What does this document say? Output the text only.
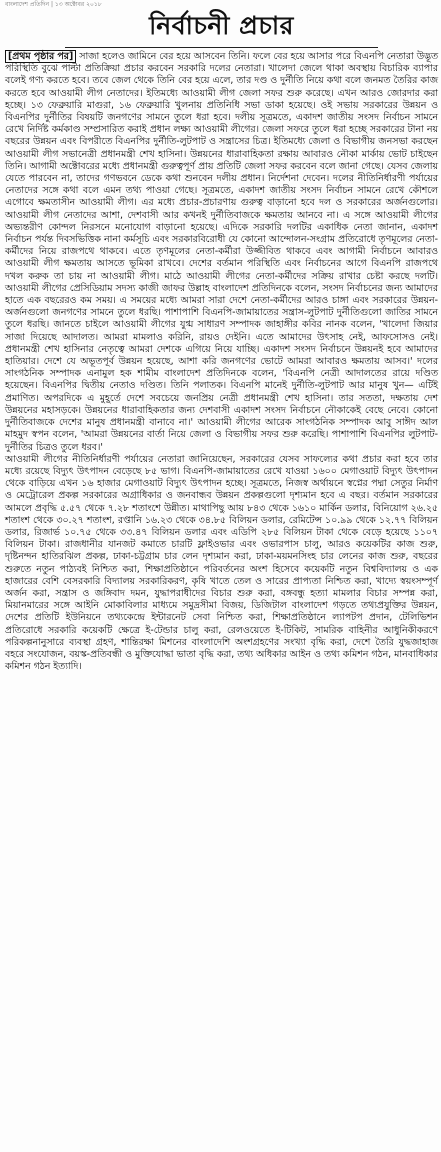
বাংলাদেশ প্রতিদিন | ১৩ অক্টোবর ২০১৮
নির্বাচনী প্রচার

[প্রথম পৃষ্ঠার পর] সাজা হলেও জামিনে বের হয়ে আসবেন তিনি। ফলে বের হয়ে আসার পরে বিএনপি নেতারা উদ্ভূত পরিস্থিতি বুঝে পাল্টা প্রতিক্রিয়া প্রচার করবেন সরকারি দলের নেতারা। খালেদা জেলে থাকা অবস্থায় বিচারিক ব্যাপার বলেই গণ্য করতে হবে। তবে জেল থেকে তিনি বের হয়ে এলে, তার দণ্ড ও দুর্নীতি নিয়ে কথা বলে জনমত তৈরির কাজ করতে হবে আওয়ামী লীগ নেতাদের। ইতিমধ্যে আওয়ামী লীগ জেলা সফর শুরু করেছে। এখন আরও জোরদার করা হচ্ছে। ১৩ ফেব্রুয়ারি মাগুরা, ১৬ ফেব্রুয়ারি খুলনায় প্রতিনিধি সভা ডাকা হয়েছে। ওই সভায় সরকারের উন্নয়ন ও বিএনপির দুর্নীতির বিষয়টি জনগণের সামনে তুলে ধরা হবে। দলীয় সূত্রমতে, একাদশ জাতীয় সংসদ নির্বাচন সামনে রেখে নির্দিষ্ট কর্মকাণ্ড সম্প্রসারিত করাই প্রধান লক্ষ্য আওয়ামী লীগের। জেলা সফরে তুলে ধরা হচ্ছে সরকারের টানা নয় বছরের উন্নয়ন এবং বিপরীতে বিএনপির দুর্নীতি-লুটপাট ও সন্ত্রাসের চিত্র। ইতিমধ্যে জেলা ও বিভাগীয় জনসভা করছেন আওয়ামী লীগ সভানেত্রী প্রধানমন্ত্রী শেখ হাসিনা। উন্নয়নের ধারাবাহিকতা রক্ষায় আবারও নৌকা মার্কায় ভোট চাইছেন তিনি। আগামী অক্টোবরের মধ্যে প্রধানমন্ত্রী গুরুত্বপূর্ণ প্রায় প্রতিটি জেলা সফর করবেন বলে জানা গেছে। যেসব জেলায় যেতে পারবেন না, তাদের গণভবনে ডেকে কথা শুনবেন দলীয় প্রধান। নির্দেশনা দেবেন। দলের নীতিনির্ধারণী পর্যায়ের নেতাদের সঙ্গে কথা বলে এমন তথ্য পাওয়া গেছে। সূত্রমতে, একাদশ জাতীয় সংসদ নির্বাচন সামনে রেখে কৌশলে এগোবে ক্ষমতাসীন আওয়ামী লীগ। এর মধ্যে প্রচার-প্রচারণায় গুরুত্ব বাড়ানো হবে দল ও সরকারের অর্জনগুলোর। আওয়ামী লীগ নেতাদের আশা, দেশবাসী আর কখনই দুর্নীতিবাজকে ক্ষমতায় আনবে না। এ সঙ্গে আওয়ামী লীগের অভ্যন্তরীণ কোন্দল নিরসনে মনোযোগ বাড়ানো হয়েছে। এদিকে সরকারি দলটির একাধিক নেতা জানান, একাদশ নির্বাচন পর্যন্ত দিবসভিত্তিক নানা কর্মসূচি এবং সরকারবিরোধী যে কোনো আন্দোলন-সংগ্রাম প্রতিরোধে তৃণমূলের নেতা-কর্মীদের নিয়ে রাজপথে থাকবে। এতে তৃণমূলের নেতা-কর্মীরা উজ্জীবিত থাকবে এবং আগামী নির্বাচনে আবারও আওয়ামী লীগ ক্ষমতায় আসতে ভূমিকা রাখবে। দেশের বর্তমান পরিস্থিতি এবং নির্বাচনের আগে বিএনপি রাজপথে দখল করুক তা চায় না আওয়ামী লীগ। মাঠে আওয়ামী লীগের নেতা-কর্মীদের সক্রিয় রাখার চেষ্টা করছে দলটি। আওয়ামী লীগের প্রেসিডিয়াম সদস্য কাজী জাফর উল্লাহ বাংলাদেশ প্রতিদিনকে বলেন, সংসদ নির্বাচনের জন্য আমাদের হাতে এক বছরেরও কম সময়। এ সময়ের মধ্যে আমরা সারা দেশে নেতা-কর্মীদের আরও চাঙ্গা এবং সরকারের উন্নয়ন-অর্জনগুলো জনগণের সামনে তুলে ধরছি। পাশাপাশি বিএনপি-জামায়াতের সন্ত্রাস-লুটপাট দুর্নীতিগুলো জাতির সামনে তুলে ধরছি। জানতে চাইলে আওয়ামী লীগের যুগ্ম সাধারণ সম্পাদক জাহাঙ্গীর কবির নানক বলেন, 'খালেদা জিয়ার সাজা দিয়েছে আদালত। আমরা মামলাও করিনি, রায়ও দেইনি। এতে আমাদের উৎসাহ নেই, আফসোসও নেই। প্রধানমন্ত্রী শেখ হাসিনার নেতৃত্বে আমরা দেশকে এগিয়ে নিয়ে যাচ্ছি। একাদশ সংসদ নির্বাচনে উন্নয়নই হবে আমাদের হাতিয়ার। দেশে যে অভূতপূর্ব উন্নয়ন হয়েছে, আশা করি জনগণের ভোটে আমরা আবারও ক্ষমতায় আসব।' দলের সাংগঠনিক সম্পাদক এনামুল হক শামীম বাংলাদেশ প্রতিদিনকে বলেন, 'বিএনপি নেত্রী আদালতের রায়ে দণ্ডিত হয়েছেন। বিএনপির দ্বিতীয় নেতাও দণ্ডিত। তিনি পলাতক। বিএনপি মানেই দুর্নীতি-লুটপাট আর মানুষ খুন— এটিই প্রমাণিত। অপরদিকে এ মুহূর্তে দেশে সবচেয়ে জনপ্রিয় নেত্রী প্রধানমন্ত্রী শেখ হাসিনা। তার সততা, দক্ষতায় দেশ উন্নয়নের মহাসড়কে। উন্নয়নের ধারাবাহিকতার জন্য দেশবাসী একাদশ সংসদ নির্বাচনে নৌকাকেই বেছে নেবে। কোনো দুর্নীতিবাজকে দেশের মানুষ প্রধানমন্ত্রী বানাবে না।' আওয়ামী লীগের আরেক সাংগঠনিক সম্পাদক আবু সাঈদ আল মাহমুদ স্বপন বলেন, 'আমরা উন্নয়নের বার্তা নিয়ে জেলা ও বিভাগীয় সফর শুরু করেছি। পাশাপাশি বিএনপির লুটপাট-দুর্নীতির চিত্রও তুলে ধরব।'

আওয়ামী লীগের নীতিনির্ধারণী পর্যায়ের নেতারা জানিয়েছেন, সরকারের যেসব সাফল্যের কথা প্রচার করা হবে তার মধ্যে রয়েছে বিদ্যুৎ উৎপাদন বেড়েছে ৮৫ ভাগ। বিএনপি-জামায়াতের রেখে যাওয়া ১৬০০ মেগাওয়াট বিদ্যুৎ উৎপাদন থেকে বাড়িয়ে এখন ১৬ হাজার মেগাওয়াট বিদ্যুৎ উৎপাদন হচ্ছে। সূত্রমতে, নিজস্ব অর্থায়নে স্বপ্নের পদ্মা সেতুর নির্মাণ ও মেট্রোরেল প্রকল্প সরকারের অগ্রাধিকার ও জনবান্ধব উন্নয়ন প্রকল্পগুলো দৃশ্যমান হবে এ বছর। বর্তমান সরকারের আমলে প্রবৃদ্ধি ৫.৫৭ থেকে ৭.২৮ শতাংশে উন্নীত। মাথাপিছু আয় ৮৪৩ থেকে ১৬১০ মার্কিন ডলার, বিনিয়োগ ২৬.২৫ শতাংশ থেকে ৩০.২৭ শতাংশ, রপ্তানি ১৬.২৩ থেকে ৩৪.৮৫ বিলিয়ন ডলার, রেমিটেন্স ১০.৯৯ থেকে ১২.৭৭ বিলিয়ন ডলার, রিজার্ভ ১০.৭৫ থেকে ৩৩.৪৭ বিলিয়ন ডলার এবং এডিপি ২৮৫ বিলিয়ন টাকা থেকে বেড়ে হয়েছে ১১০৭ বিলিয়ন টাকা। রাজধানীর যানজট কমাতে চারটি ফ্লাইওভার এবং ওভারপাস চালু, আরও কয়েকটির কাজ শুরু, দৃষ্টিনন্দন হাতিরঝিল প্রকল্প, ঢাকা-চট্টগ্রাম চার লেন দৃশ্যমান করা, ঢাকা-ময়মনসিংহ চার লেনের কাজ শুরু, বছরের শুরুতে নতুন পাঠ্যবই নিশ্চিত করা, শিক্ষাপ্রতিষ্ঠানে পরিবর্তনের অংশ হিসেবে কয়েকটি নতুন বিশ্ববিদ্যালয় ও এক হাজারের বেশি বেসরকারি বিদ্যালয় সরকারিকরণ, কৃষি খাতে তেল ও সারের প্রাপ্যতা নিশ্চিত করা, খাদ্যে স্বয়ংসম্পূর্ণ অর্জন করা, সন্ত্রাস ও জঙ্গিবাদ দমন, যুদ্ধাপরাধীদের বিচার শুরু করা, বঙ্গবন্ধু হত্যা মামলার বিচার সম্পন্ন করা, মিয়ানমারের সঙ্গে আইনি মোকাবিলার মাধ্যমে সমুদ্রসীমা বিজয়, ডিজিটাল বাংলাদেশ গড়তে তথ্যপ্রযুক্তির উন্নয়ন, দেশের প্রতিটি ইউনিয়নে তথ্যকেন্দ্রে ইন্টারনেট সেবা নিশ্চিত করা, শিক্ষাপ্রতিষ্ঠানে ল্যাপটপ প্রদান, টেলিভিশন প্রতিরোধে সরকারি কয়েকটি ক্ষেত্রে ই-টেন্ডার চালু করা, রেলওয়েতে ই-টিকিট, সামরিক বাহিনীর আধুনিকীকরণে পরিকল্পনানুসারে ব্যবস্থা গ্রহণ, শান্তিরক্ষা মিশনের বাংলাদেশি অংশগ্রহণের সংখ্যা বৃদ্ধি করা, দেশে তৈরি যুদ্ধজাহাজ বহরে সংযোজন, বয়স্ক-প্রতিবন্ধী ও মুক্তিযোদ্ধা ভাতা বৃদ্ধি করা, তথ্য অধিকার আইন ও তথ্য কমিশন গঠন, মানবাধিকার কমিশন গঠন ইত্যাদি।
